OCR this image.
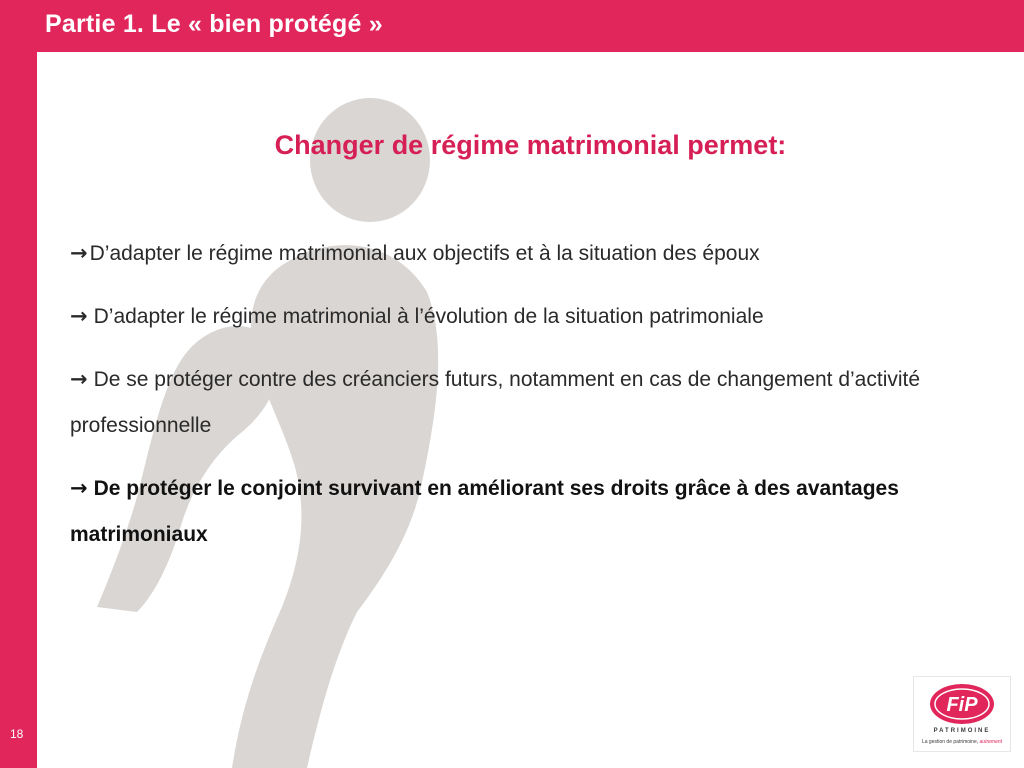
Partie 1. Le « bien protégé »
Changer de régime matrimonial permet:
→D’adapter le régime matrimonial aux objectifs et à la situation des époux
→ D’adapter le régime matrimonial à l’évolution de la situation patrimoniale
→ De se protéger contre des créanciers futurs, notamment en cas de changement d’activité professionnelle
→ De protéger le conjoint survivant en améliorant ses droits grâce à des avantages matrimoniaux
18
FiP
PATRIMOINE
La gestion de patrimoine, autrement
